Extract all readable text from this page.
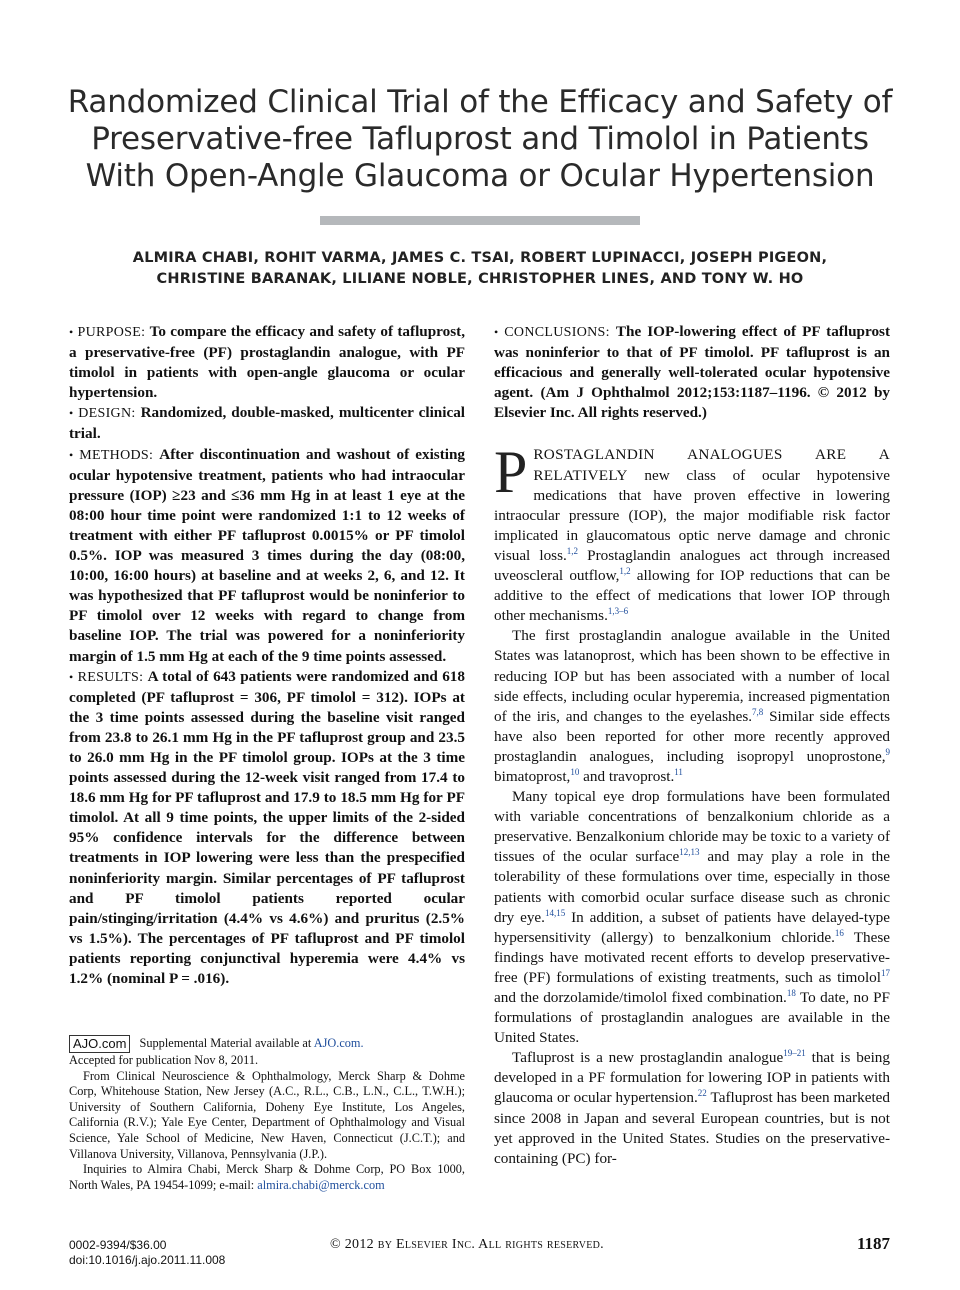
Randomized Clinical Trial of the Efficacy and Safety of Preservative-free Tafluprost and Timolol in Patients With Open-Angle Glaucoma or Ocular Hypertension
ALMIRA CHABI, ROHIT VARMA, JAMES C. TSAI, ROBERT LUPINACCI, JOSEPH PIGEON,
CHRISTINE BARANAK, LILIANE NOBLE, CHRISTOPHER LINES, AND TONY W. HO

• PURPOSE: To compare the efficacy and safety of tafluprost, a preservative-free (PF) prostaglandin analogue, with PF timolol in patients with open-angle glaucoma or ocular hypertension.

• DESIGN: Randomized, double-masked, multicenter clinical trial.

• METHODS: After discontinuation and washout of existing ocular hypotensive treatment, patients who had intraocular pressure (IOP) ≥23 and ≤36 mm Hg in at least 1 eye at the 08:00 hour time point were randomized 1:1 to 12 weeks of treatment with either PF tafluprost 0.0015% or PF timolol 0.5%. IOP was measured 3 times during the day (08:00, 10:00, 16:00 hours) at baseline and at weeks 2, 6, and 12. It was hypothesized that PF tafluprost would be noninferior to PF timolol over 12 weeks with regard to change from baseline IOP. The trial was powered for a noninferiority margin of 1.5 mm Hg at each of the 9 time points assessed.

• RESULTS: A total of 643 patients were randomized and 618 completed (PF tafluprost = 306, PF timolol = 312). IOPs at the 3 time points assessed during the baseline visit ranged from 23.8 to 26.1 mm Hg in the PF tafluprost group and 23.5 to 26.0 mm Hg in the PF timolol group. IOPs at the 3 time points assessed during the 12-week visit ranged from 17.4 to 18.6 mm Hg for PF tafluprost and 17.9 to 18.5 mm Hg for PF timolol. At all 9 time points, the upper limits of the 2-sided 95% confidence intervals for the difference between treatments in IOP lowering were less than the prespecified noninferiority margin. Similar percentages of PF tafluprost and PF timolol patients reported ocular pain/stinging/irritation (4.4% vs 4.6%) and pruritus (2.5% vs 1.5%). The percentages of PF tafluprost and PF timolol patients reporting conjunctival hyperemia were 4.4% vs 1.2% (nominal P = .016).

AJO.com Supplemental Material available at AJO.com.

Accepted for publication Nov 8, 2011.

From Clinical Neuroscience & Ophthalmology, Merck Sharp & Dohme Corp, Whitehouse Station, New Jersey (A.C., R.L., C.B., L.N., C.L., T.W.H.); University of Southern California, Doheny Eye Institute, Los Angeles, California (R.V.); Yale Eye Center, Department of Ophthalmology and Visual Science, Yale School of Medicine, New Haven, Connecticut (J.C.T.); and Villanova University, Villanova, Pennsylvania (J.P.).

Inquiries to Almira Chabi, Merck Sharp & Dohme Corp, PO Box 1000, North Wales, PA 19454-1099; e-mail: almira.chabi@merck.com

• CONCLUSIONS: The IOP-lowering effect of PF tafluprost was noninferior to that of PF timolol. PF tafluprost is an efficacious and generally well-tolerated ocular hypotensive agent. (Am J Ophthalmol 2012;153:1187–1196. © 2012 by Elsevier Inc. All rights reserved.)

PROSTAGLANDIN ANALOGUES ARE A RELATIVELY new class of ocular hypotensive medications that have proven effective in lowering intraocular pressure (IOP), the major modifiable risk factor implicated in glaucomatous optic nerve damage and chronic visual loss.$^{1,2}$ Prostaglandin analogues act through increased uveoscleral outflow,$^{1,2}$ allowing for IOP reductions that can be additive to the effect of medications that lower IOP through other mechanisms.$^{1,3-6}$

The first prostaglandin analogue available in the United States was latanoprost, which has been shown to be effective in reducing IOP but has been associated with a number of local side effects, including ocular hyperemia, increased pigmentation of the iris, and changes to the eyelashes.$^{7,8}$ Similar side effects have also been reported for other more recently approved prostaglandin analogues, including isopropyl unoprostone,$^9$ bimatoprost,$^{10}$ and travoprost.$^{11}$

Many topical eye drop formulations have been formulated with variable concentrations of benzalkonium chloride as a preservative. Benzalkonium chloride may be toxic to a variety of tissues of the ocular surface$^{12,13}$ and may play a role in the tolerability of these formulations over time, especially in those patients with comorbid ocular surface disease such as chronic dry eye.$^{14,15}$ In addition, a subset of patients have delayed-type hypersensitivity (allergy) to benzalkonium chloride.$^{16}$ These findings have motivated recent efforts to develop preservative-free (PF) formulations of existing treatments, such as timolol$^{17}$ and the dorzolamide/timolol fixed combination.$^{18}$ To date, no PF formulations of prostaglandin analogues are available in the United States.

Tafluprost is a new prostaglandin analogue$^{19-21}$ that is being developed in a PF formulation for lowering IOP in patients with glaucoma or ocular hypertension.$^{22}$ Tafluprost has been marketed since 2008 in Japan and several European countries, but is not yet approved in the United States. Studies on the preservative-containing (PC) for-

0002-9394/$36.00
doi:10.1016/j.ajo.2011.11.008
© 2012 by Elsevier Inc. All rights reserved.	1187
